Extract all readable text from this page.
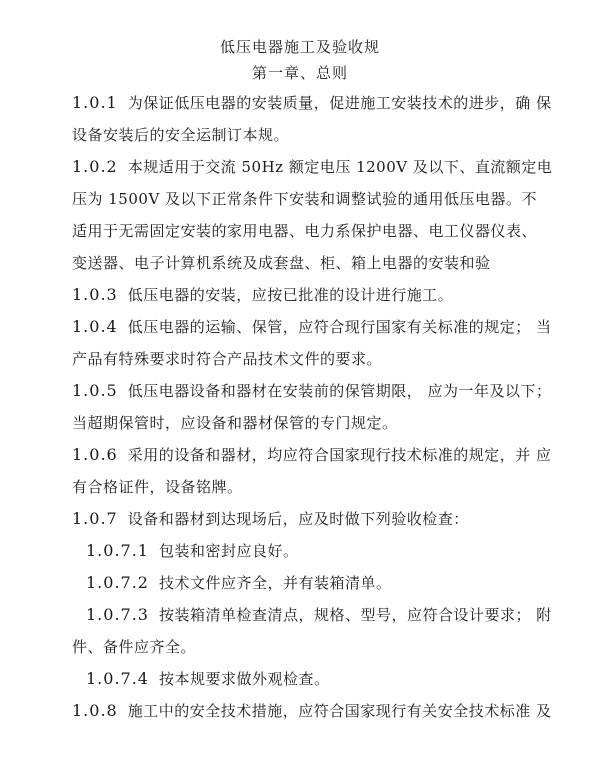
低压电器施工及验收规
第一章、总则
1.0.1 为保证低压电器的安装质量，促进施工安装技术的进步，确 保
设备安装后的安全运制订本规。
1.0.2 本规适用于交流 50Hz 额定电压 1200V 及以下、直流额定电
压为 1500V 及以下正常条件下安装和调整试验的通用低压电器。不
适用于无需固定安装的家用电器、电力系保护电器、电工仪器仪表、
变送器、电子计算机系统及成套盘、柜、箱上电器的安装和验
1.0.3 低压电器的安装，应按已批准的设计进行施工。
1.0.4 低压电器的运输、保管，应符合现行国家有关标准的规定； 当
产品有特殊要求时符合产品技术文件的要求。
1.0.5 低压电器设备和器材在安装前的保管期限， 应为一年及以下；
当超期保管时，应设备和器材保管的专门规定。
1.0.6 采用的设备和器材，均应符合国家现行技术标准的规定，并 应
有合格证件，设备铭牌。
1.0.7 设备和器材到达现场后，应及时做下列验收检查：
1.0.7.1 包装和密封应良好。
1.0.7.2 技术文件应齐全，并有装箱清单。
1.0.7.3 按装箱清单检查清点，规格、型号，应符合设计要求； 附
件、备件应齐全。
1.0.7.4 按本规要求做外观检查。
1.0.8 施工中的安全技术措施，应符合国家现行有关安全技术标准 及
